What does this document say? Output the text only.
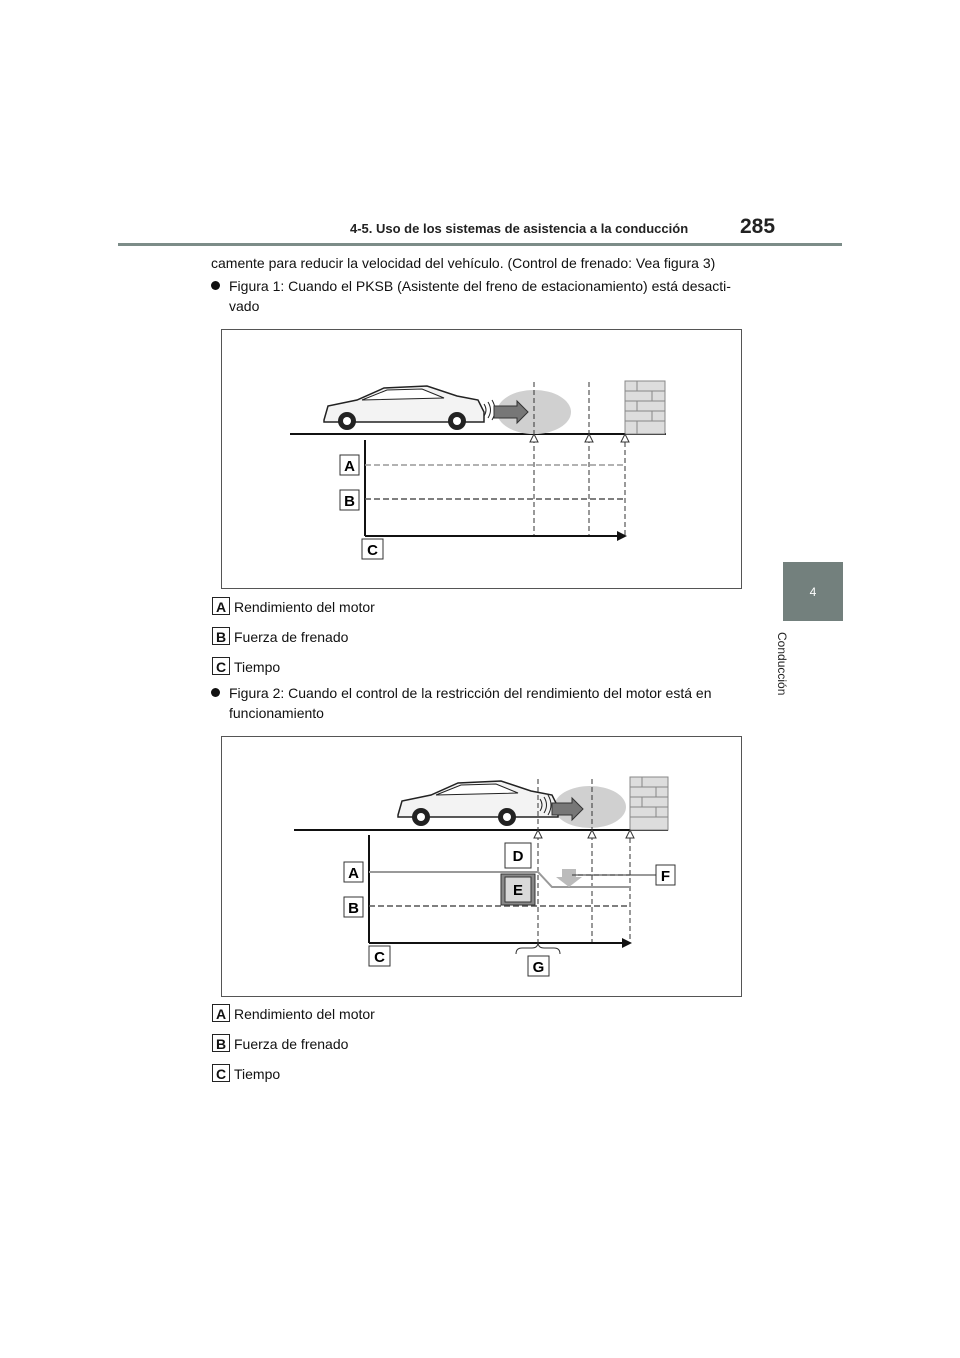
4-5. Uso de los sistemas de asistencia a la conducción 285
4
Conducción
camente para reducir la velocidad del vehículo. (Control de frenado: Vea figura 3)
Figura 1: Cuando el PKSB (Asistente del freno de estacionamiento) está desacti-
vado
A
B
C
A Rendimiento del motor
B Fuerza de frenado
C Tiempo
Figura 2: Cuando el control de la restricción del rendimiento del motor está en
funcionamiento
A
B
C
D
E
F
G
A Rendimiento del motor
B Fuerza de frenado
C Tiempo
